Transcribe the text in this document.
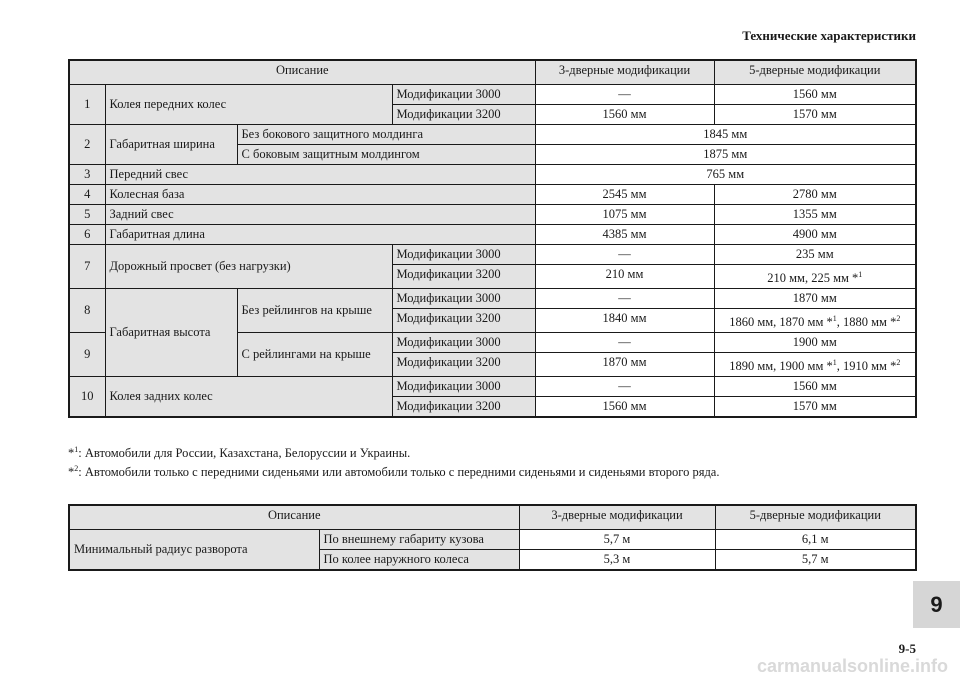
Технические характеристики
Описание				3-дверные модификации	5-дверные модификации
1	Колея передних колес		Модификации 3000	—	1560 мм
			Модификации 3200	1560 мм	1570 мм
2	Габаритная ширина	Без бокового защитного молдинга		1845 мм	
		С боковым защитным молдингом		1875 мм	
3	Передний свес			765 мм	
4	Колесная база			2545 мм	2780 мм
5	Задний свес			1075 мм	1355 мм
6	Габаритная длина			4385 мм	4900 мм
7	Дорожный просвет (без нагрузки)		Модификации 3000	—	235 мм
			Модификации 3200	210 мм	210 мм, 225 мм *$^1$
8	Габаритная высота	Без рейлингов на крыше	Модификации 3000	—	1870 мм
			Модификации 3200	1840 мм	1860 мм, 1870 мм *$^1$, 1880 мм *$^2$
9		С рейлингами на крыше	Модификации 3000	—	1900 мм
			Модификации 3200	1870 мм	1890 мм, 1900 мм *$^1$, 1910 мм *$^2$
10	Колея задних колес		Модификации 3000	—	1560 мм
			Модификации 3200	1560 мм	1570 мм
*$^1$: Автомобили для России, Казахстана, Белоруссии и Украины.
*$^2$: Автомобили только с передними сиденьями или автомобили только с передними сиденьями и сиденьями второго ряда.
Описание		3-дверные модификации	5-дверные модификации
Минимальный радиус разворота	По внешнему габариту кузова	5,7 м	6,1 м
	По колее наружного колеса	5,3 м	5,7 м
9
9-5
carmanualsonline.info
